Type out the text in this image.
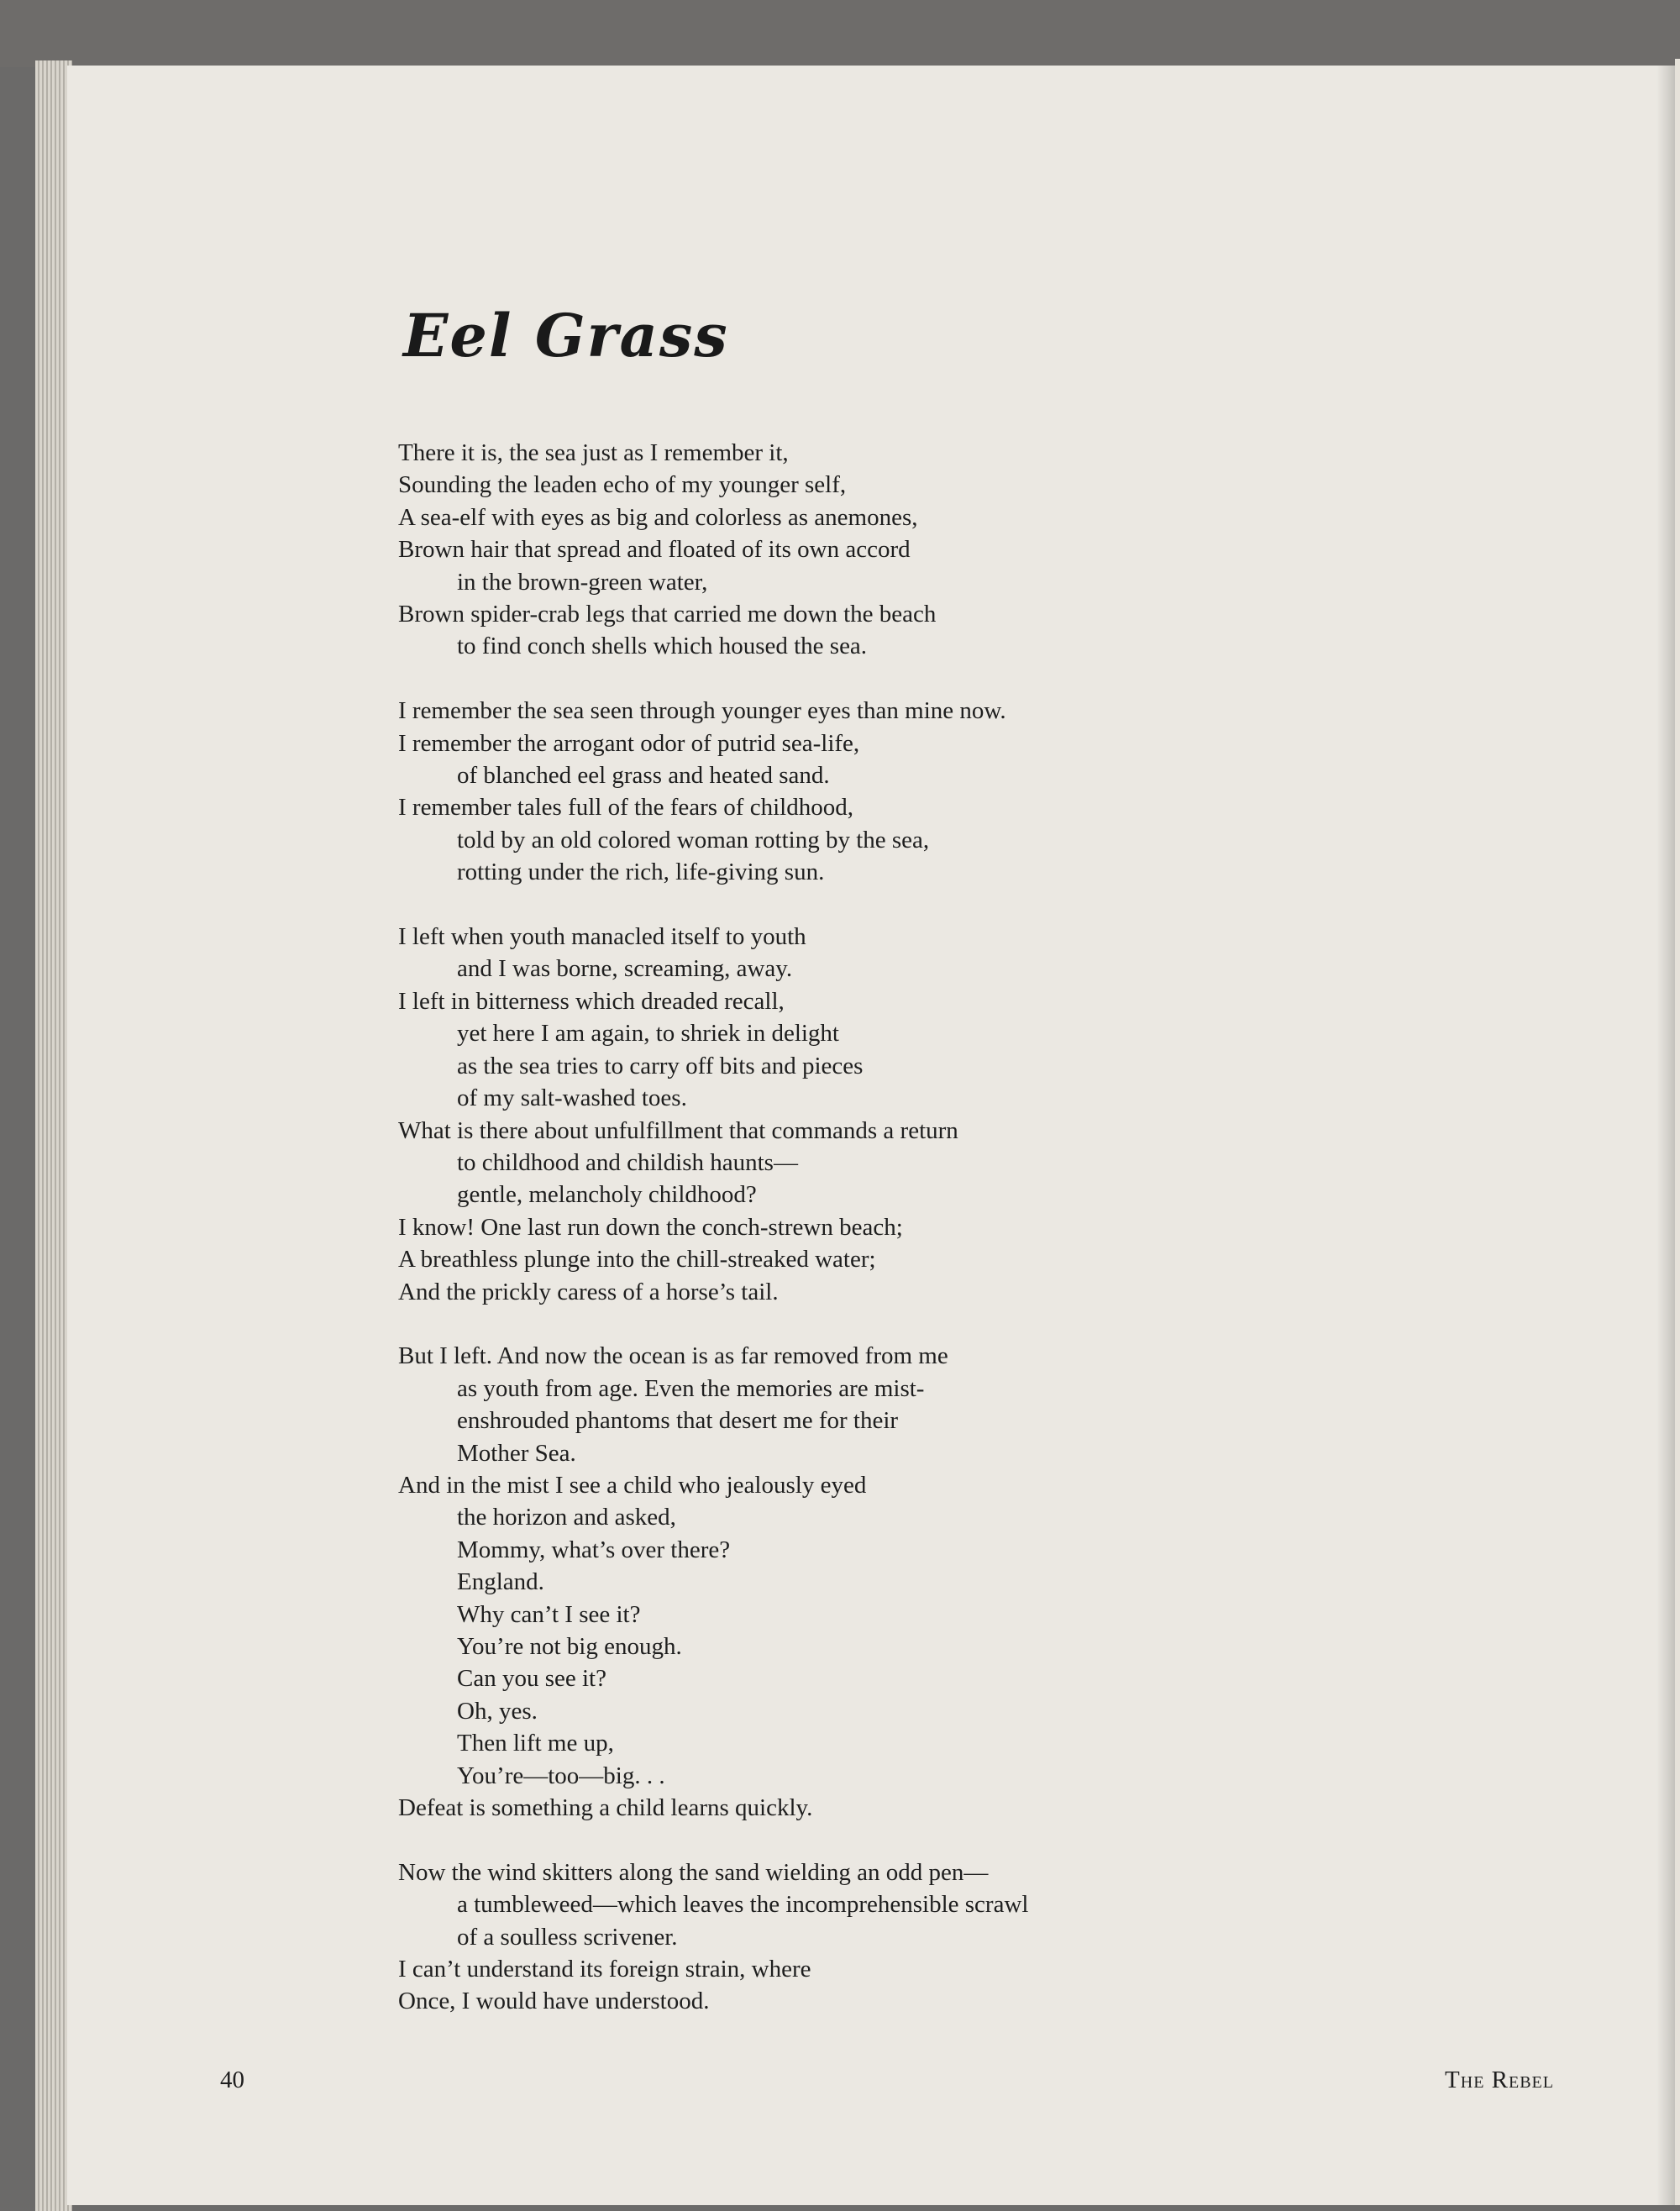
Eel Grass
There it is, the sea just as I remember it,
Sounding the leaden echo of my younger self,
A sea-elf with eyes as big and colorless as anemones,
Brown hair that spread and floated of its own accord
in the brown-green water,
Brown spider-crab legs that carried me down the beach
to find conch shells which housed the sea.
I remember the sea seen through younger eyes than mine now.
I remember the arrogant odor of putrid sea-life,
of blanched eel grass and heated sand.
I remember tales full of the fears of childhood,
told by an old colored woman rotting by the sea,
rotting under the rich, life-giving sun.
I left when youth manacled itself to youth
and I was borne, screaming, away.
I left in bitterness which dreaded recall,
yet here I am again, to shriek in delight
as the sea tries to carry off bits and pieces
of my salt-washed toes.
What is there about unfulfillment that commands a return
to childhood and childish haunts—
gentle, melancholy childhood?
I know! One last run down the conch-strewn beach;
A breathless plunge into the chill-streaked water;
And the prickly caress of a horse’s tail.
But I left. And now the ocean is as far removed from me
as youth from age. Even the memories are mist-
enshrouded phantoms that desert me for their
Mother Sea.
And in the mist I see a child who jealously eyed
the horizon and asked,
Mommy, what’s over there?
England.
Why can’t I see it?
You’re not big enough.
Can you see it?
Oh, yes.
Then lift me up,
You’re—too—big. . .
Defeat is something a child learns quickly.
Now the wind skitters along the sand wielding an odd pen—
a tumbleweed—which leaves the incomprehensible scrawl
of a soulless scrivener.
I can’t understand its foreign strain, where
Once, I would have understood.
40	The Rebel
